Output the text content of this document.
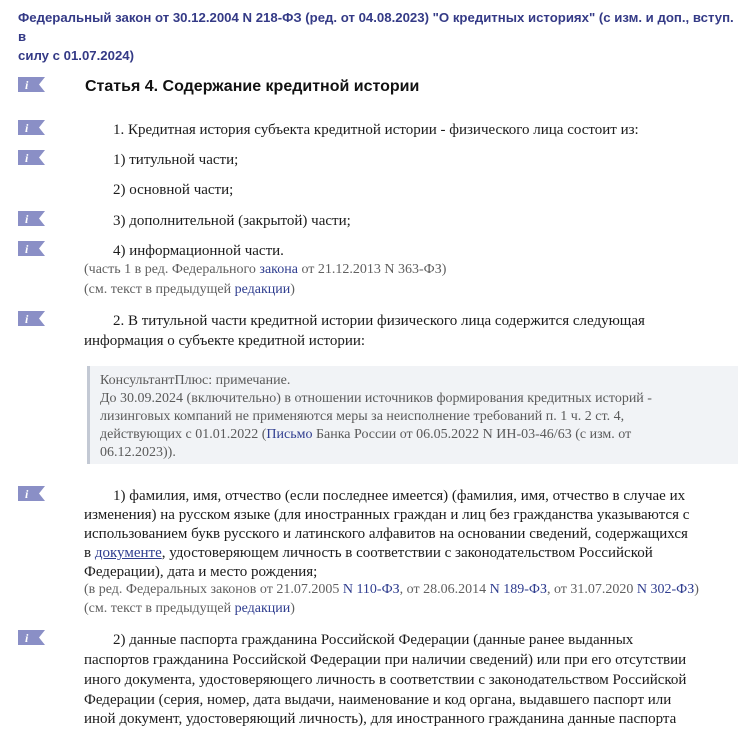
Федеральный закон от 30.12.2004 N 218-ФЗ (ред. от 04.08.2023) "О кредитных историях" (с изм. и доп., вступ. в
силу с 01.07.2024)
i	Статья 4. Содержание кредитной истории
i	1. Кредитная история субъекта кредитной истории - физического лица состоит из:
i	1) титульной части;
2) основной части;
i	3) дополнительной (закрытой) части;
i	4) информационной части.
(часть 1 в ред. Федерального закона от 21.12.2013 N 363-ФЗ)
(см. текст в предыдущей редакции)
i	2. В титульной части кредитной истории физического лица содержится следующая
информация о субъекте кредитной истории:
КонсультантПлюс: примечание.
До 30.09.2024 (включительно) в отношении источников формирования кредитных историй -
лизинговых компаний не применяются меры за неисполнение требований п. 1 ч. 2 ст. 4,
действующих с 01.01.2022 (Письмо Банка России от 06.05.2022 N ИН-03-46/63 (с изм. от
06.12.2023)).
i	1) фамилия, имя, отчество (если последнее имеется) (фамилия, имя, отчество в случае их
изменения) на русском языке (для иностранных граждан и лиц без гражданства указываются с
использованием букв русского и латинского алфавитов на основании сведений, содержащихся
в документе, удостоверяющем личность в соответствии с законодательством Российской
Федерации), дата и место рождения;
(в ред. Федеральных законов от 21.07.2005 N 110-ФЗ, от 28.06.2014 N 189-ФЗ, от 31.07.2020 N 302-ФЗ)
(см. текст в предыдущей редакции)
i	2) данные паспорта гражданина Российской Федерации (данные ранее выданных
паспортов гражданина Российской Федерации при наличии сведений) или при его отсутствии
иного документа, удостоверяющего личность в соответствии с законодательством Российской
Федерации (серия, номер, дата выдачи, наименование и код органа, выдавшего паспорт или
иной документ, удостоверяющий личность), для иностранного гражданина данные паспорта
